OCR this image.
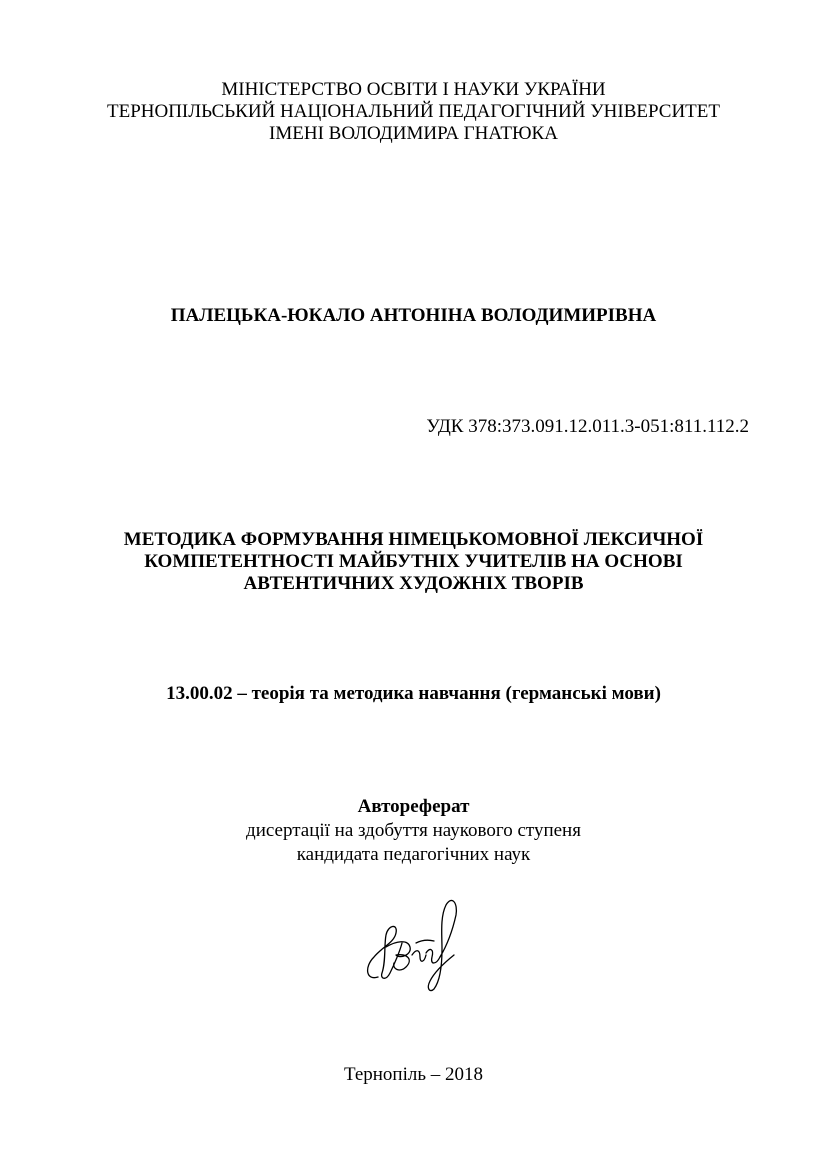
МІНІСТЕРСТВО ОСВІТИ І НАУКИ УКРАЇНИ
ТЕРНОПІЛЬСЬКИЙ НАЦІОНАЛЬНИЙ ПЕДАГОГІЧНИЙ УНІВЕРСИТЕТ
ІМЕНІ ВОЛОДИМИРА ГНАТЮКА
ПАЛЕЦЬКА-ЮКАЛО АНТОНІНА ВОЛОДИМИРІВНА
УДК 378:373.091.12.011.3-051:811.112.2
МЕТОДИКА ФОРМУВАННЯ НІМЕЦЬКОМОВНОЇ ЛЕКСИЧНОЇ
КОМПЕТЕНТНОСТІ МАЙБУТНІХ УЧИТЕЛІВ НА ОСНОВІ
АВТЕНТИЧНИХ ХУДОЖНІХ ТВОРІВ
13.00.02 – теорія та методика навчання (германські мови)
Автореферат
дисертації на здобуття наукового ступеня
кандидата педагогічних наук
Тернопіль – 2018
